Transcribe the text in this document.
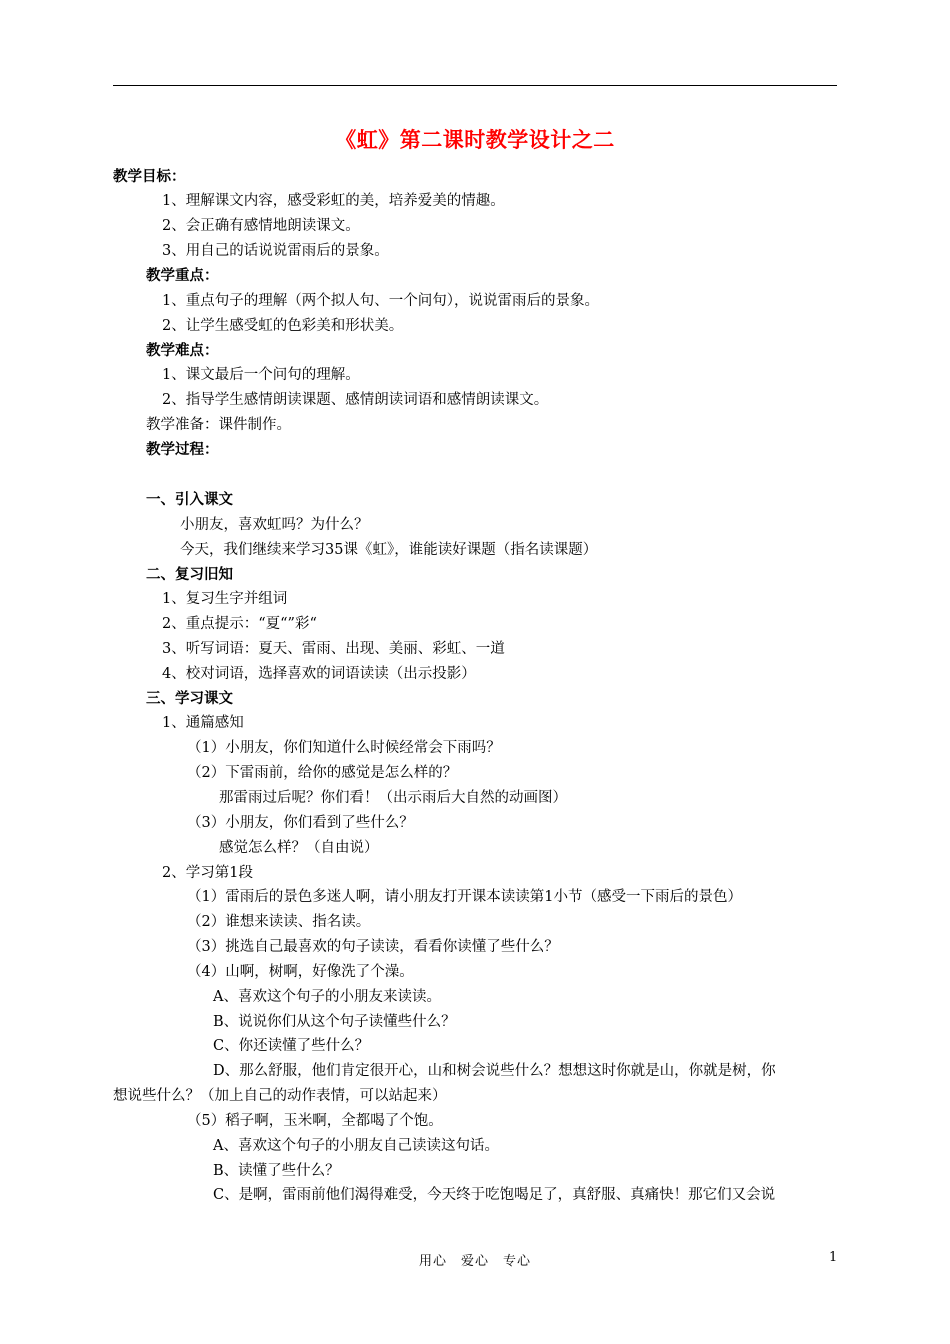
《虹》第二课时教学设计之二
教学目标：
1、理解课文内容，感受彩虹的美，培养爱美的情趣。
2、会正确有感情地朗读课文。
3、用自己的话说说雷雨后的景象。
教学重点：
1、重点句子的理解（两个拟人句、一个问句），说说雷雨后的景象。
2、让学生感受虹的色彩美和形状美。
教学难点：
1、课文最后一个问句的理解。
2、指导学生感情朗读课题、感情朗读词语和感情朗读课文。
教学准备：课件制作。
教学过程：
一、引入课文
小朋友，喜欢虹吗？为什么？
今天，我们继续来学习35课《虹》，谁能读好课题（指名读课题）
二、复习旧知
1、复习生字并组词
2、重点提示：“夏“”彩“
3、听写词语：夏天、雷雨、出现、美丽、彩虹、一道
4、校对词语，选择喜欢的词语读读（出示投影）
三、学习课文
1、通篇感知
（1）小朋友，你们知道什么时候经常会下雨吗？
（2）下雷雨前，给你的感觉是怎么样的？
那雷雨过后呢？你们看！（出示雨后大自然的动画图）
（3）小朋友，你们看到了些什么？
感觉怎么样？（自由说）
2、学习第1段
（1）雷雨后的景色多迷人啊，请小朋友打开课本读读第1小节（感受一下雨后的景色）
（2）谁想来读读、指名读。
（3）挑选自己最喜欢的句子读读，看看你读懂了些什么？
（4）山啊，树啊，好像洗了个澡。
A、喜欢这个句子的小朋友来读读。
B、说说你们从这个句子读懂些什么？
C、你还读懂了些什么？
D、那么舒服，他们肯定很开心，山和树会说些什么？想想这时你就是山，你就是树，你
想说些什么？（加上自己的动作表情，可以站起来）
（5）稻子啊，玉米啊，全都喝了个饱。
A、喜欢这个句子的小朋友自己读读这句话。
B、读懂了些什么？
C、是啊，雷雨前他们渴得难受，今天终于吃饱喝足了，真舒服、真痛快！那它们又会说
用心 爱心 专心	1
